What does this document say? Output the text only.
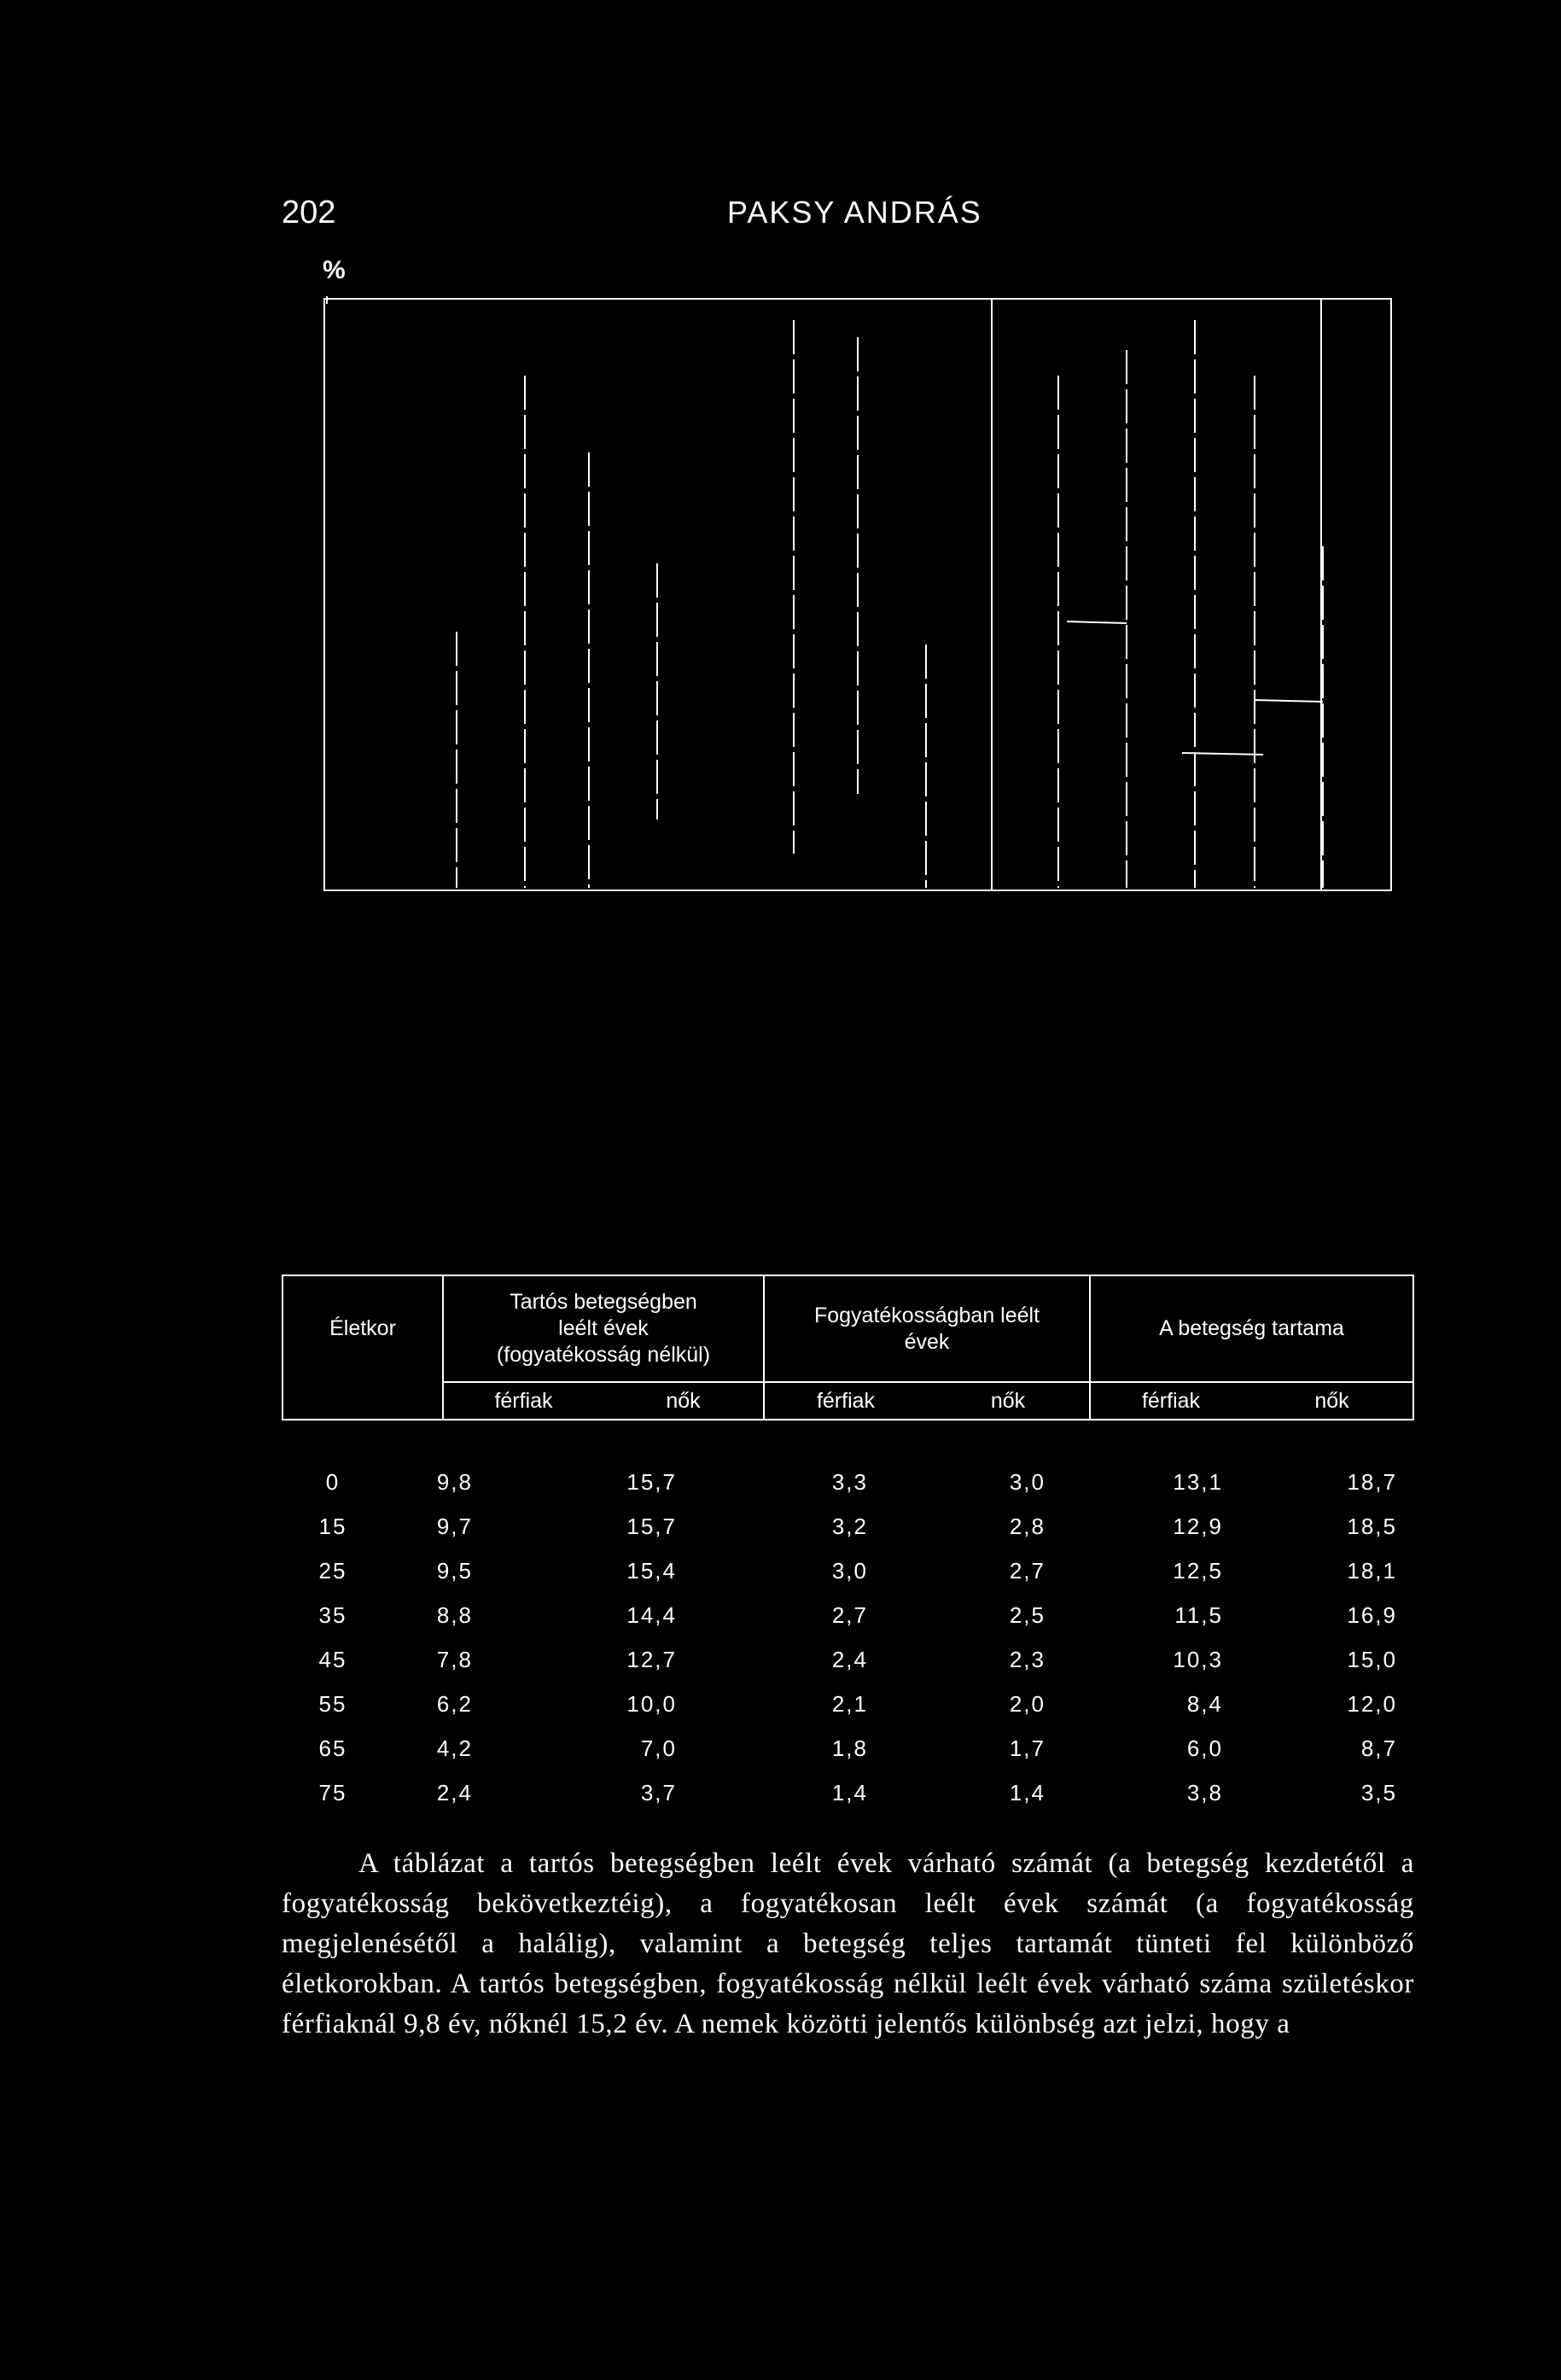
202	PAKSY ANDRÁS
%
Életkor
Tartós betegségben
leélt évek
(fogyatékosság nélkül)
Fogyatékosságban leélt
évek
A betegség tartama
férfiak	nők	férfiak	nők	férfiak	nők
0	9,8	15,7	3,3	3,0	13,1	18,7
15	9,7	15,7	3,2	2,8	12,9	18,5
25	9,5	15,4	3,0	2,7	12,5	18,1
35	8,8	14,4	2,7	2,5	11,5	16,9
45	7,8	12,7	2,4	2,3	10,3	15,0
55	6,2	10,0	2,1	2,0	8,4	12,0
65	4,2	7,0	1,8	1,7	6,0	8,7
75	2,4	3,7	1,4	1,4	3,8	3,5

A táblázat a tartós betegségben leélt évek várható számát (a betegség kezdetétől a fogyatékosság bekövetkeztéig), a fogyatékosan leélt évek számát (a fogyatékosság megjelenésétől a halálig), valamint a betegség teljes tartamát tünteti fel különböző életkorokban. A tartós betegségben, fogyatékosság nélkül leélt évek várható száma születéskor férfiaknál 9,8 év, nőknél 15,2 év. A nemek közötti jelentős különbség azt jelzi, hogy a
